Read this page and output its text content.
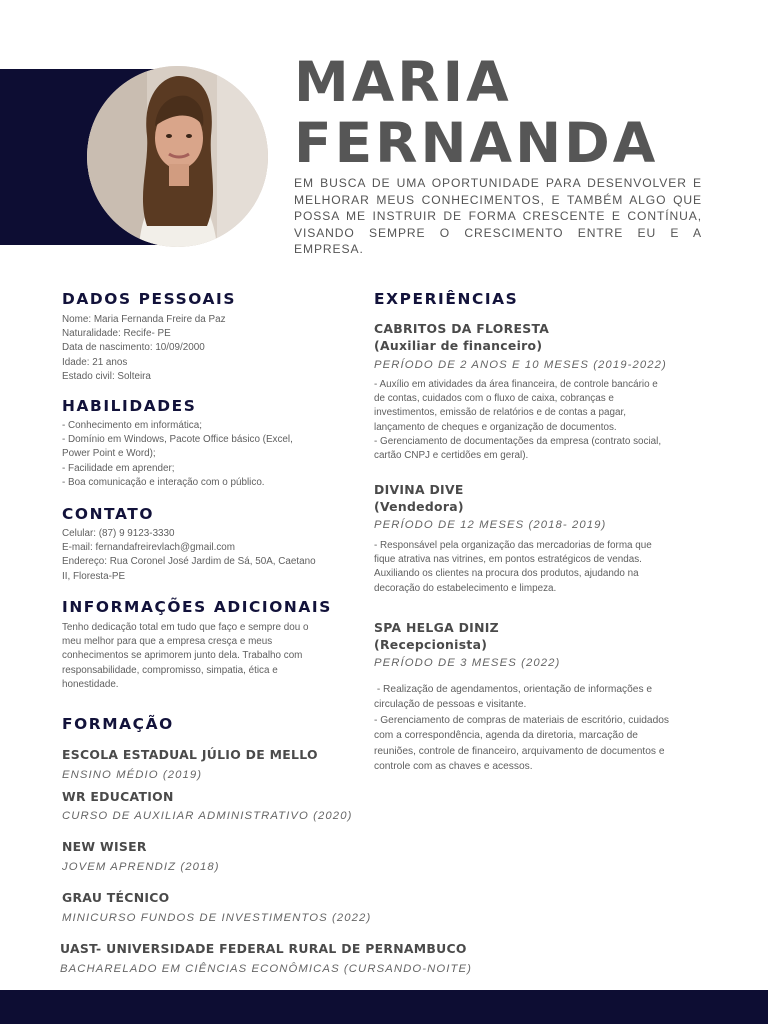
MARIA
FERNANDA
EM BUSCA DE UMA OPORTUNIDADE PARA DESENVOLVER E MELHORAR MEUS CONHECIMENTOS, E TAMBÉM ALGO QUE POSSA ME INSTRUIR DE FORMA CRESCENTE E CONTÍNUA, VISANDO SEMPRE O CRESCIMENTO ENTRE EU E A EMPRESA.
DADOS PESSOAIS
Nome: Maria Fernanda Freire da Paz
Naturalidade: Recife- PE
Data de nascimento: 10/09/2000
Idade: 21 anos
Estado civil: Solteira
HABILIDADES
- Conhecimento em informática;
- Domínio em Windows, Pacote Office básico (Excel,
Power Point e Word);
- Facilidade em aprender;
- Boa comunicação e interação com o público.
CONTATO
Celular: (87) 9 9123-3330
E-mail: fernandafreirevlach@gmail.com
Endereço: Rua Coronel José Jardim de Sá, 50A, Caetano
II, Floresta-PE
INFORMAÇÕES ADICIONAIS
Tenho dedicação total em tudo que faço e sempre dou o
meu melhor para que a empresa cresça e meus
conhecimentos se aprimorem junto dela. Trabalho com
responsabilidade, compromisso, simpatia, ética e
honestidade.
FORMAÇÃO
ESCOLA ESTADUAL JÚLIO DE MELLO
ENSINO MÉDIO (2019)
WR EDUCATION
CURSO DE AUXILIAR ADMINISTRATIVO (2020)
NEW WISER
JOVEM APRENDIZ (2018)
GRAU TÉCNICO
MINICURSO FUNDOS DE INVESTIMENTOS (2022)
UAST- UNIVERSIDADE FEDERAL RURAL DE PERNAMBUCO
BACHARELADO EM CIÊNCIAS ECONÔMICAS (CURSANDO-NOITE)
EXPERIÊNCIAS
CABRITOS DA FLORESTA
(Auxiliar de financeiro)
PERÍODO DE 2 ANOS E 10 MESES (2019-2022)
- Auxílio em atividades da área financeira, de controle bancário e
de contas, cuidados com o fluxo de caixa, cobranças e
investimentos, emissão de relatórios e de contas a pagar,
lançamento de cheques e organização de documentos.
- Gerenciamento de documentações da empresa (contrato social,
cartão CNPJ e certidões em geral).
DIVINA DIVE
(Vendedora)
PERÍODO DE 12 MESES (2018- 2019)
- Responsável pela organização das mercadorias de forma que
fique atrativa nas vitrines, em pontos estratégicos de vendas.
Auxiliando os clientes na procura dos produtos, ajudando na
decoração do estabelecimento e limpeza.
SPA HELGA DINIZ
(Recepcionista)
PERÍODO DE 3 MESES (2022)
- Realização de agendamentos, orientação de informações e
circulação de pessoas e visitante.
- Gerenciamento de compras de materiais de escritório, cuidados
com a correspondência, agenda da diretoria, marcação de
reuniões, controle de financeiro, arquivamento de documentos e
controle com as chaves e acessos.
